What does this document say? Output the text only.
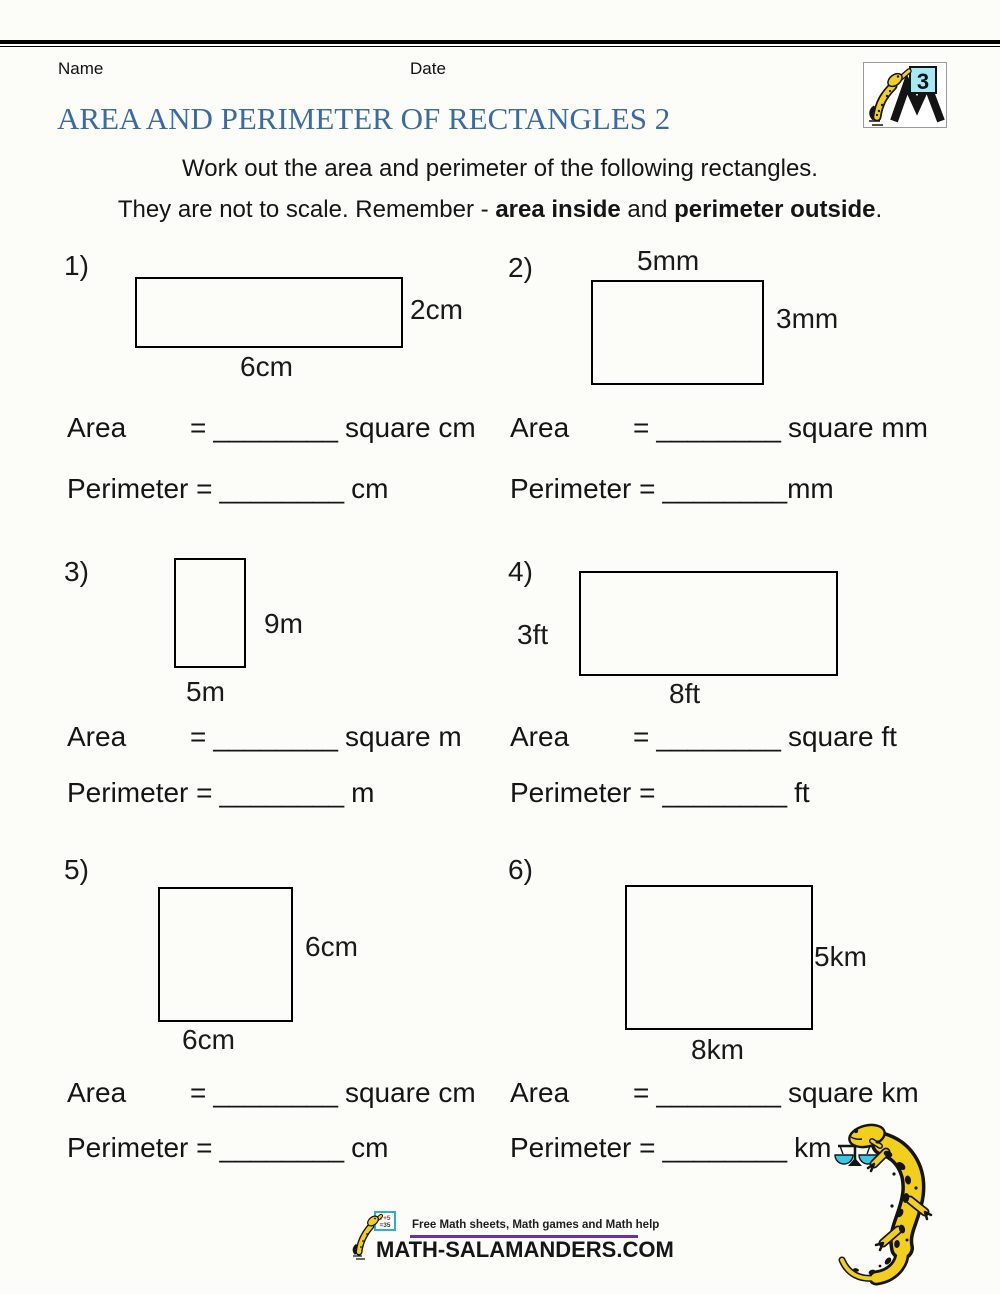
Name	Date
3
AREA AND PERIMETER OF RECTANGLES 2
Work out the area and perimeter of the following rectangles.
They are not to scale. Remember - area inside and perimeter outside.
1)
2cm
6cm
Area = ________ square cm
Perimeter = ________ cm
2)	5mm
3mm
Area = ________ square mm
Perimeter = ________mm
3)
9m
5m
Area = ________ square m
Perimeter = ________ m
4)
3ft
8ft
Area = ________ square ft
Perimeter = ________ ft
5)
6cm
6cm
Area = ________ square cm
Perimeter = ________ cm
6)
5km
8km
Area = ________ square km
Perimeter = ________ km
7+5
=35 Free Math sheets, Math games and Math help
MATH-SALAMANDERS.COM
